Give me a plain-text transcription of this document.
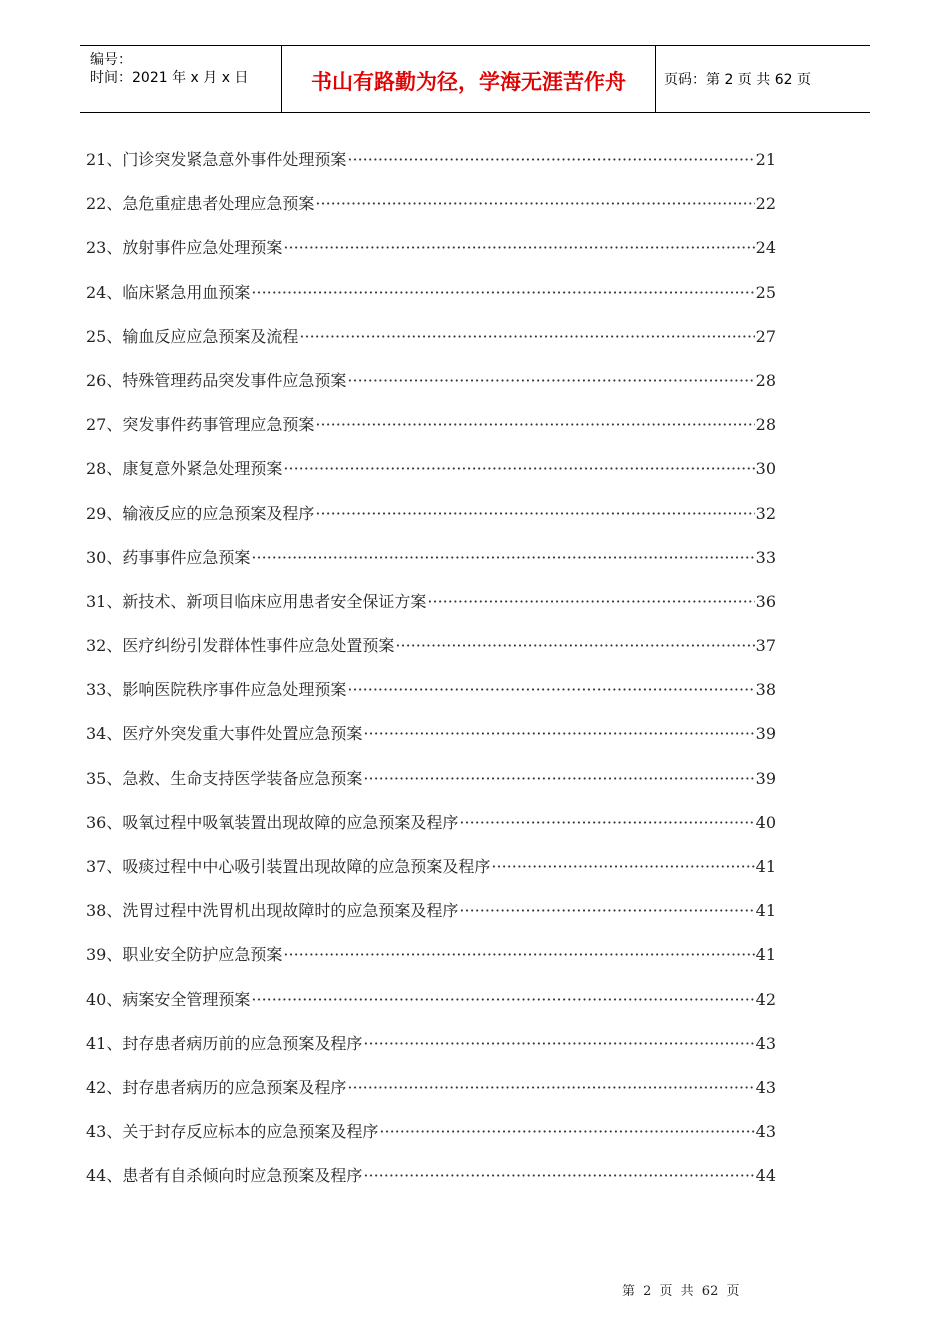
编号：
时间：2021 年 x 月 x 日	书山有路勤为径，学海无涯苦作舟	页码：第 2 页 共 62 页
21、 门诊突发紧急意外事件处理预案 ·····	21
22、 急危重症患者处理应急预案 ·····	22
23、 放射事件应急处理预案 ·····	24
24、 临床紧急用血预案 ·····	25
25、 输血反应应急预案及流程 ·····	27
26、 特殊管理药品突发事件应急预案 ·····	28
27、 突发事件药事管理应急预案 ·····	28
28、 康复意外紧急处理预案 ·····	30
29、 输液反应的应急预案及程序 ·····	32
30、 药事事件应急预案 ·····	33
31、 新技术、新项目临床应用患者安全保证方案 ·····	36
32、 医疗纠纷引发群体性事件应急处置预案 ·····	37
33、 影响医院秩序事件应急处理预案 ·····	38
34、 医疗外突发重大事件处置应急预案 ·····	39
35、 急救、生命支持医学装备应急预案 ·····	39
36、 吸氧过程中吸氧装置出现故障的应急预案及程序 ·····	40
37、 吸痰过程中中心吸引装置出现故障的应急预案及程序 ·····	41
38、 洗胃过程中洗胃机出现故障时的应急预案及程序 ·····	41
39、 职业安全防护应急预案 ·····	41
40、 病案安全管理预案 ·····	42
41、 封存患者病历前的应急预案及程序 ·····	43
42、 封存患者病历的应急预案及程序 ·····	43
43、 关于封存反应标本的应急预案及程序 ·····	43
44、 患者有自杀倾向时应急预案及程序 ·····	44
第 2 页 共 62 页
